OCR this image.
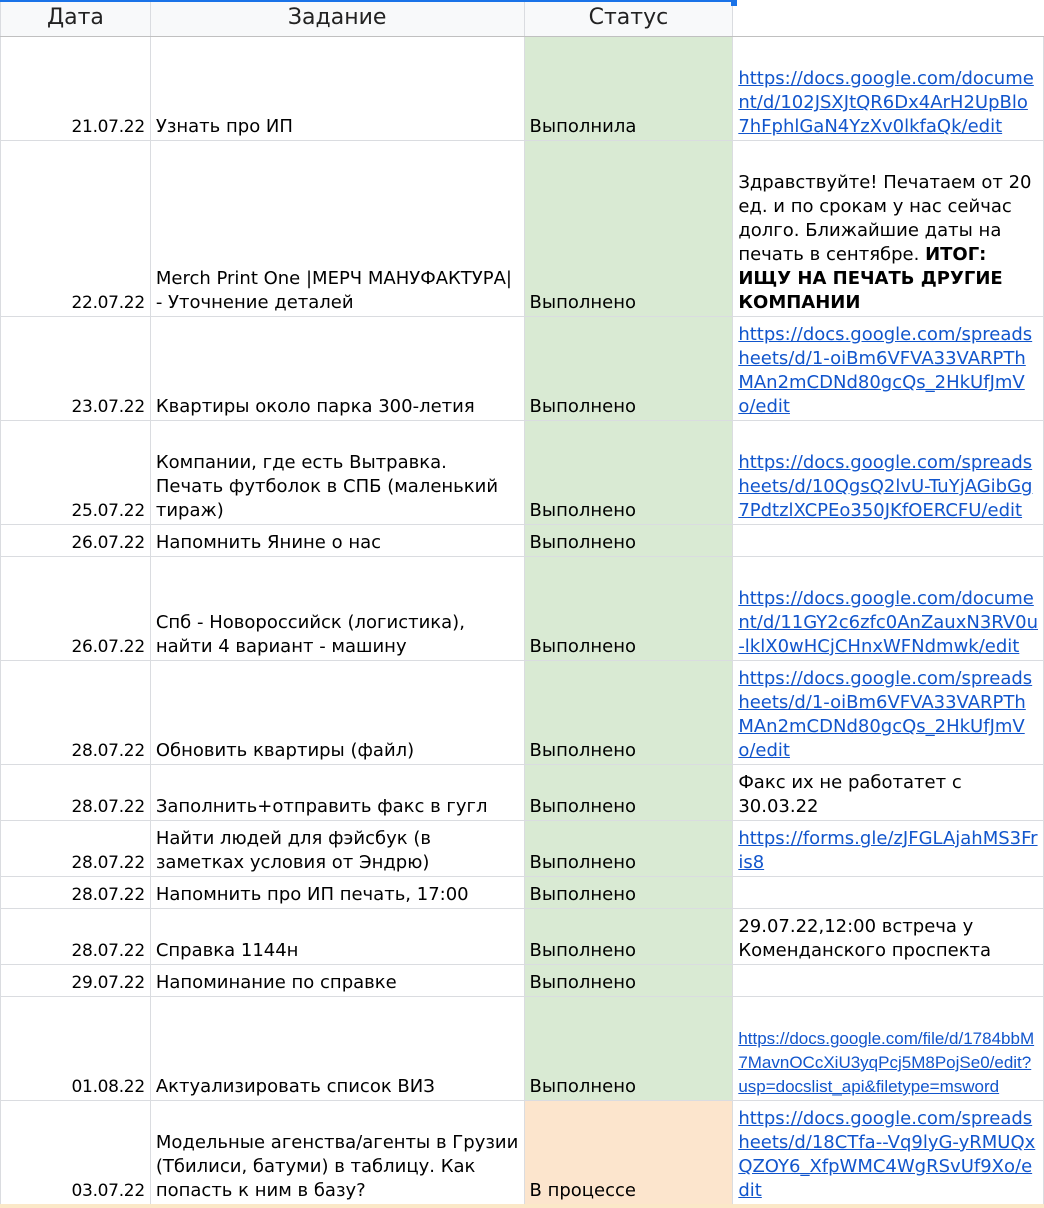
Дата	Задание	Статус	
21.07.22	Узнать про ИП	Выполнила	https://docs.google.com/document/d/102JSXJtQR6Dx4ArH2UpBlo7hFphlGaN4YzXv0lkfaQk/edit
22.07.22	Merch Print One |МЕРЧ МАНУФАКТУРА| - Уточнение деталей	Выполнено	Здравствуйте! Печатаем от 20 ед. и по срокам у нас сейчас долго. Ближайшие даты на печать в сентябре. ИТОГ: ИЩУ НА ПЕЧАТЬ ДРУГИЕ КОМПАНИИ
23.07.22	Квартиры около парка 300-летия	Выполнено	https://docs.google.com/spreadsheets/d/1-oiBm6VFVA33VARPThMAn2mCDNd80gcQs_2HkUfJmVo/edit
25.07.22	Компании, где есть Вытравка. Печать футболок в СПБ (маленький тираж)	Выполнено	https://docs.google.com/spreadsheets/d/10QgsQ2lvU-TuYjAGibGg7PdtzlXCPEo350JKfOERCFU/edit
26.07.22	Напомнить Янине о нас	Выполнено	
26.07.22	Спб - Новороссийск (логистика), найти 4 вариант - машину	Выполнено	https://docs.google.com/document/d/11GY2c6zfc0AnZauxN3RV0u-lklX0wHCjCHnxWFNdmwk/edit
28.07.22	Обновить квартиры (файл)	Выполнено	https://docs.google.com/spreadsheets/d/1-oiBm6VFVA33VARPThMAn2mCDNd80gcQs_2HkUfJmVo/edit
28.07.22	Заполнить+отправить факс в гугл	Выполнено	Факс их не работатет с 30.03.22
28.07.22	Найти людей для фэйсбук (в заметках условия от Эндрю)	Выполнено	https://forms.gle/zJFGLAjahMS3Fris8
28.07.22	Напомнить про ИП печать, 17:00	Выполнено	
28.07.22	Справка 1144н	Выполнено	29.07.22,12:00 встреча у Коменданского проспекта
29.07.22	Напоминание по справке	Выполнено	
01.08.22	Актуализировать список ВИЗ	Выполнено	https://docs.google.com/file/d/1784bbM7MavnOCcXiU3yqPcj5M8PojSe0/edit?usp=docslist_api&filetype=msword
03.07.22	Модельные агенства/агенты в Грузии (Тбилиси, батуми) в таблицу. Как попасть к ним в базу?	В процессе	https://docs.google.com/spreadsheets/d/18CTfa--Vq9lyG-yRMUQxQZOY6_XfpWMC4WgRSvUf9Xo/edit
